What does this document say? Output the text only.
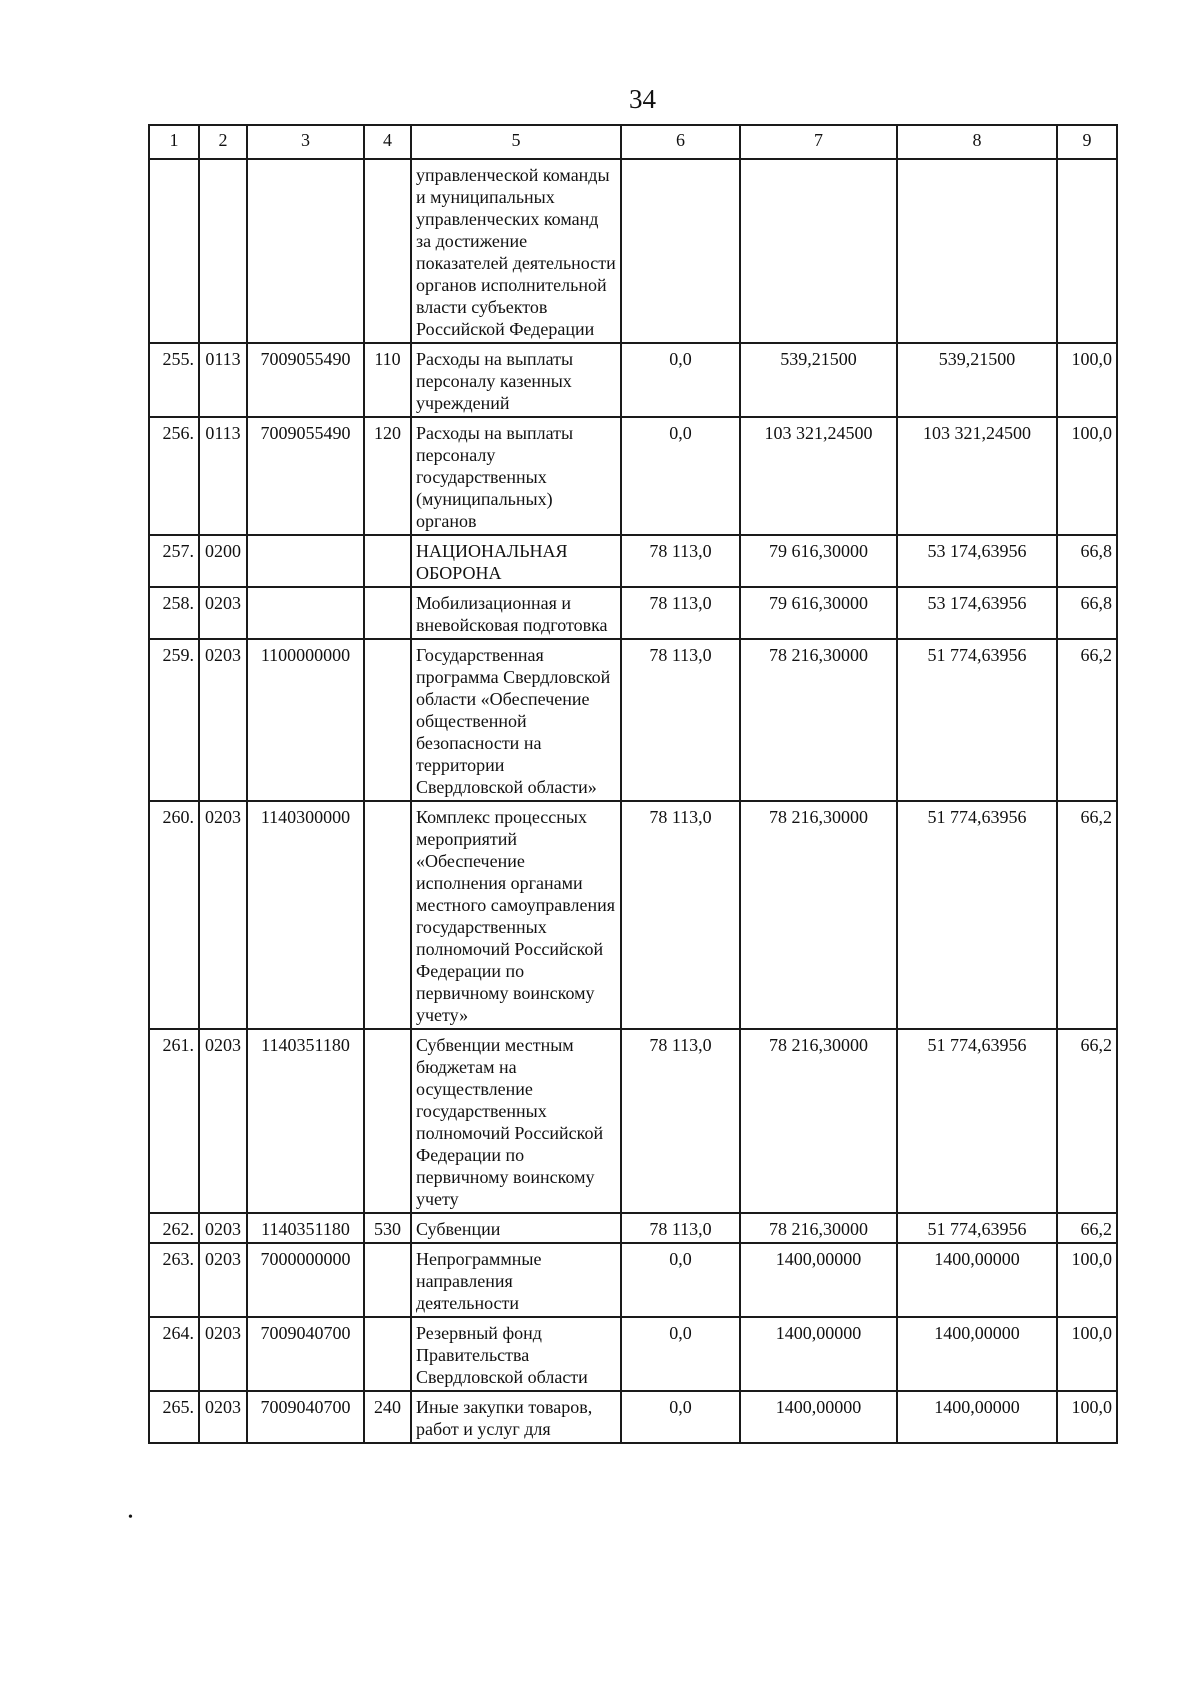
34
1	2	3	4	5	6	7	8	9
				управленческой команды и муниципальных управленческих команд за достижение показателей деятельности органов исполнительной власти субъектов Российской Федерации				
255.	0113	7009055490	110	Расходы на выплаты персоналу казенных учреждений	0,0	539,21500	539,21500	100,0
256.	0113	7009055490	120	Расходы на выплаты персоналу государственных (муниципальных) органов	0,0	103 321,24500	103 321,24500	100,0
257.	0200			НАЦИОНАЛЬНАЯ ОБОРОНА	78 113,0	79 616,30000	53 174,63956	66,8
258.	0203			Мобилизационная и вневойсковая подготовка	78 113,0	79 616,30000	53 174,63956	66,8
259.	0203	1100000000		Государственная программа Свердловской области «Обеспечение общественной безопасности на территории Свердловской области»	78 113,0	78 216,30000	51 774,63956	66,2
260.	0203	1140300000		Комплекс процессных мероприятий «Обеспечение исполнения органами местного самоуправления государственных полномочий Российской Федерации по первичному воинскому учету»	78 113,0	78 216,30000	51 774,63956	66,2
261.	0203	1140351180		Субвенции местным бюджетам на осуществление государственных полномочий Российской Федерации по первичному воинскому учету	78 113,0	78 216,30000	51 774,63956	66,2
262.	0203	1140351180	530	Субвенции	78 113,0	78 216,30000	51 774,63956	66,2
263.	0203	7000000000		Непрограммные направления деятельности	0,0	1400,00000	1400,00000	100,0
264.	0203	7009040700		Резервный фонд Правительства Свердловской области	0,0	1400,00000	1400,00000	100,0
265.	0203	7009040700	240	Иные закупки товаров, работ и услуг для	0,0	1400,00000	1400,00000	100,0
•
